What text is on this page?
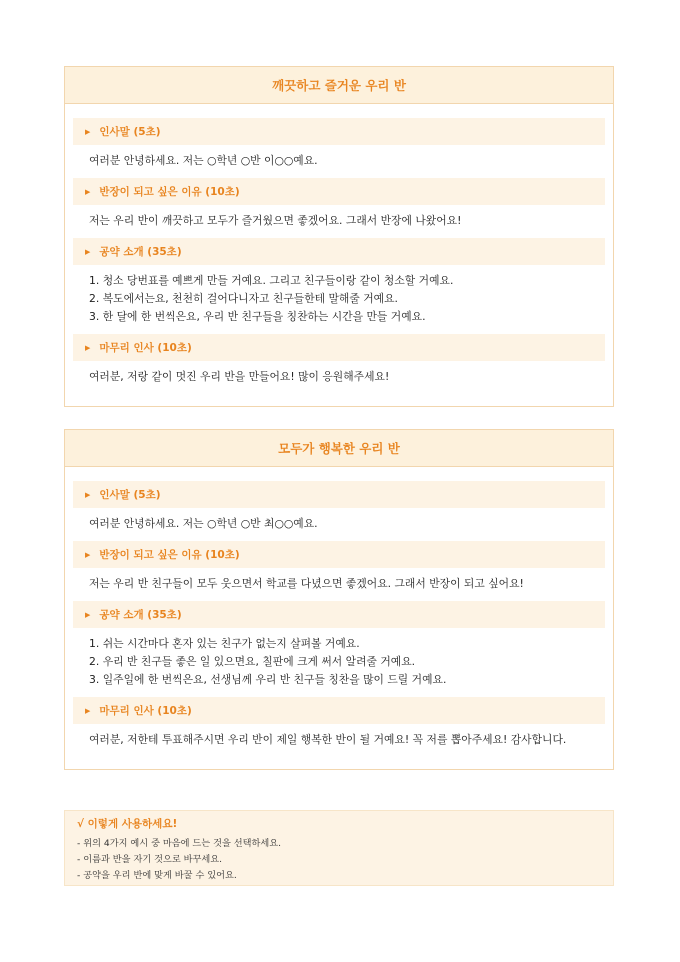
깨끗하고 즐거운 우리 반
▶ 인사말 (5초)
여러분 안녕하세요. 저는 ○학년 ○반 이○○예요.
▶ 반장이 되고 싶은 이유 (10초)
저는 우리 반이 깨끗하고 모두가 즐거웠으면 좋겠어요. 그래서 반장에 나왔어요!
▶ 공약 소개 (35초)
1. 청소 당번표를 예쁘게 만들 거예요. 그리고 친구들이랑 같이 청소할 거예요.
2. 복도에서는요, 천천히 걸어다니자고 친구들한테 말해줄 거예요.
3. 한 달에 한 번씩은요, 우리 반 친구들을 칭찬하는 시간을 만들 거예요.
▶ 마무리 인사 (10초)
여러분, 저랑 같이 멋진 우리 반을 만들어요! 많이 응원해주세요!
모두가 행복한 우리 반
▶ 인사말 (5초)
여러분 안녕하세요. 저는 ○학년 ○반 최○○예요.
▶ 반장이 되고 싶은 이유 (10초)
저는 우리 반 친구들이 모두 웃으면서 학교를 다녔으면 좋겠어요. 그래서 반장이 되고 싶어요!
▶ 공약 소개 (35초)
1. 쉬는 시간마다 혼자 있는 친구가 없는지 살펴볼 거예요.
2. 우리 반 친구들 좋은 일 있으면요, 칠판에 크게 써서 알려줄 거예요.
3. 일주일에 한 번씩은요, 선생님께 우리 반 친구들 칭찬을 많이 드릴 거예요.
▶ 마무리 인사 (10초)
여러분, 저한테 투표해주시면 우리 반이 제일 행복한 반이 될 거예요! 꼭 저를 뽑아주세요! 감사합니다.
√ 이렇게 사용하세요!
- 위의 4가지 예시 중 마음에 드는 것을 선택하세요.
- 이름과 반을 자기 것으로 바꾸세요.
- 공약을 우리 반에 맞게 바꿀 수 있어요.
